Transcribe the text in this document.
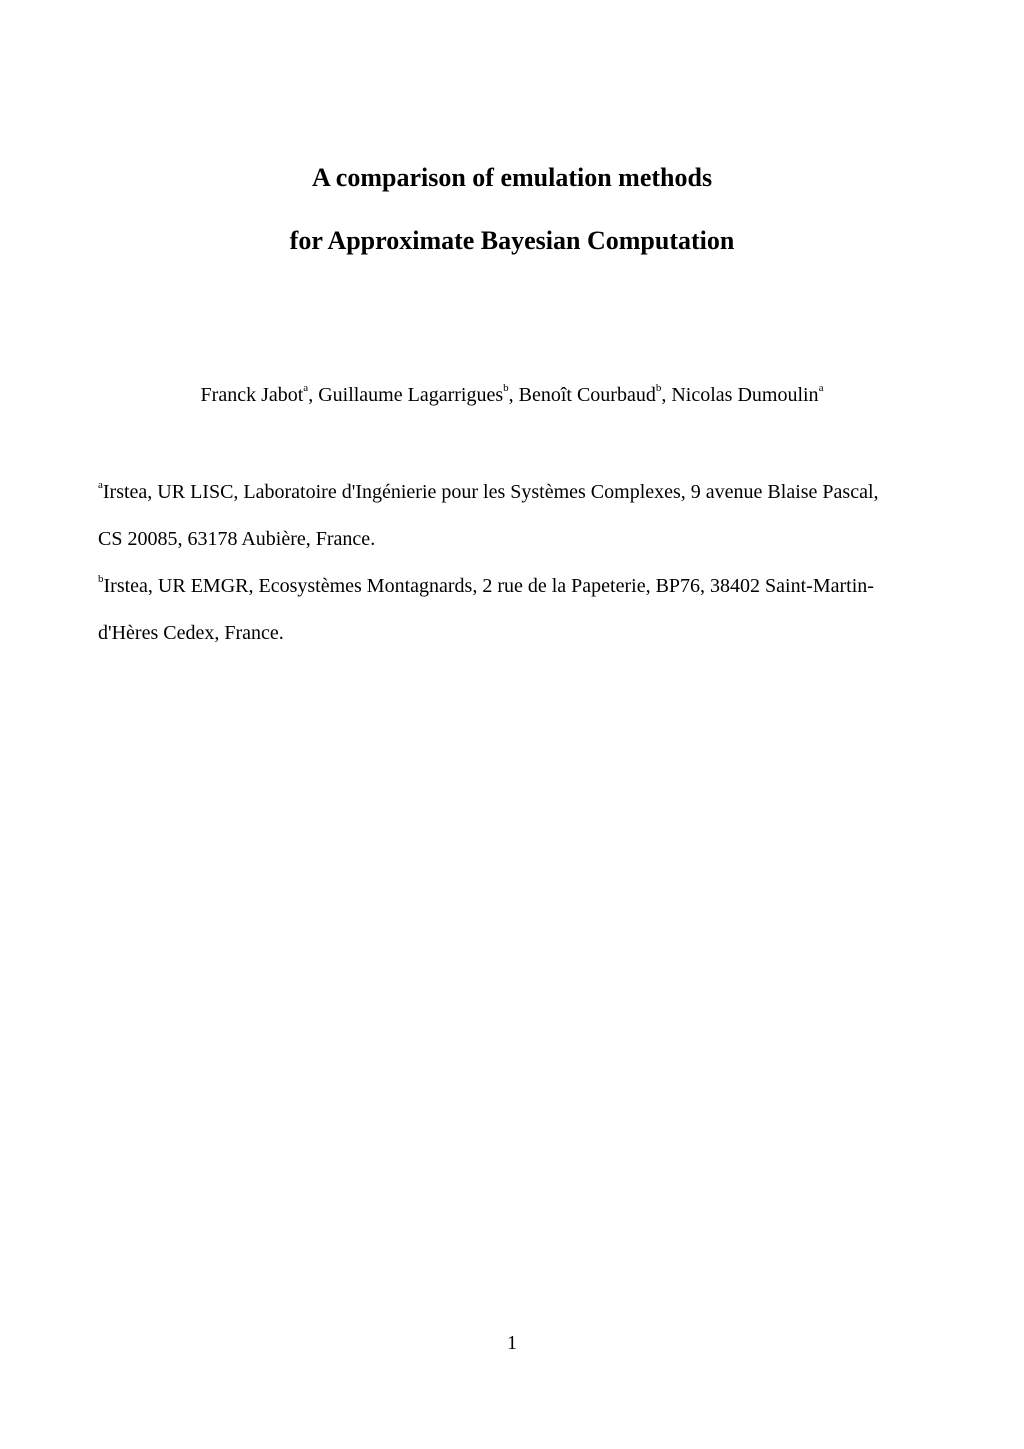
A comparison of emulation methods
for Approximate Bayesian Computation
Franck Jabot$^a$, Guillaume Lagarrigues$^b$, Benoît Courbaud$^b$, Nicolas Dumoulin$^a$
$^a$Irstea, UR LISC, Laboratoire d'Ingénierie pour les Systèmes Complexes, 9 avenue Blaise Pascal,
CS 20085, 63178 Aubière, France.
$^b$Irstea, UR EMGR, Ecosystèmes Montagnards, 2 rue de la Papeterie, BP76, 38402 Saint-Martin-
d'Hères Cedex, France.
1
